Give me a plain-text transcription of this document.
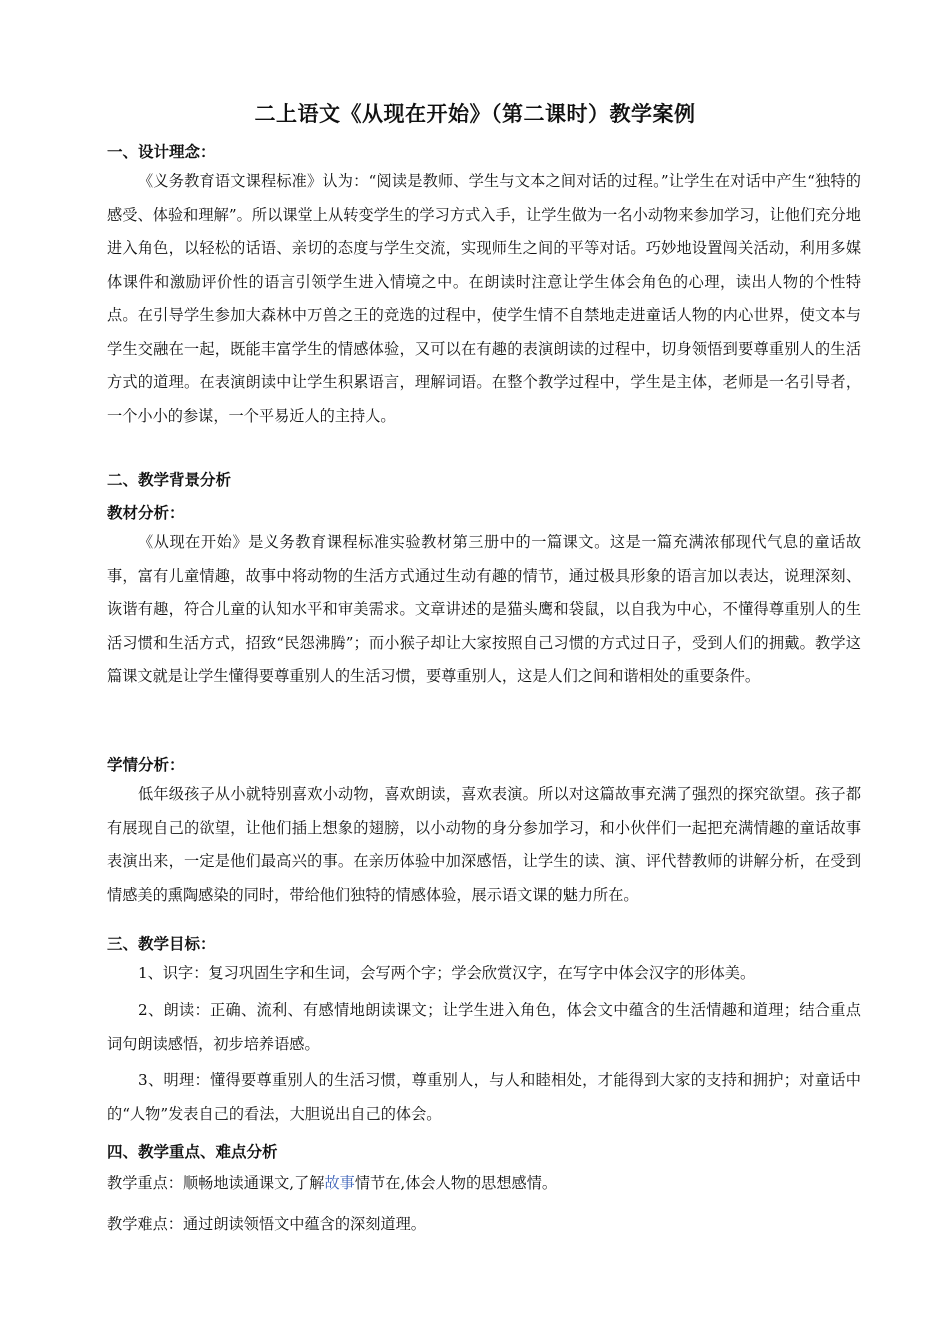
二上语文《从现在开始》（第二课时）教学案例
一、设计理念：
《义务教育语文课程标准》认为：“阅读是教师、学生与文本之间对话的过程。”让学生在对话中产生“独特的感受、体验和理解”。所以课堂上从转变学生的学习方式入手，让学生做为一名小动物来参加学习，让他们充分地进入角色，以轻松的话语、亲切的态度与学生交流，实现师生之间的平等对话。巧妙地设置闯关活动，利用多媒体课件和激励评价性的语言引领学生进入情境之中。在朗读时注意让学生体会角色的心理，读出人物的个性特点。在引导学生参加大森林中万兽之王的竞选的过程中，使学生情不自禁地走进童话人物的内心世界，使文本与学生交融在一起，既能丰富学生的情感体验，又可以在有趣的表演朗读的过程中，切身领悟到要尊重别人的生活方式的道理。在表演朗读中让学生积累语言，理解词语。在整个教学过程中，学生是主体，老师是一名引导者，一个小小的参谋，一个平易近人的主持人。
二、教学背景分析
教材分析：
《从现在开始》是义务教育课程标准实验教材第三册中的一篇课文。这是一篇充满浓郁现代气息的童话故事，富有儿童情趣，故事中将动物的生活方式通过生动有趣的情节，通过极具形象的语言加以表达，说理深刻、诙谐有趣，符合儿童的认知水平和审美需求。文章讲述的是猫头鹰和袋鼠，以自我为中心，不懂得尊重别人的生活习惯和生活方式，招致“民怨沸腾”；而小猴子却让大家按照自己习惯的方式过日子，受到人们的拥戴。教学这篇课文就是让学生懂得要尊重别人的生活习惯，要尊重别人，这是人们之间和谐相处的重要条件。
学情分析：
低年级孩子从小就特别喜欢小动物，喜欢朗读，喜欢表演。所以对这篇故事充满了强烈的探究欲望。孩子都有展现自己的欲望，让他们插上想象的翅膀，以小动物的身分参加学习，和小伙伴们一起把充满情趣的童话故事表演出来，一定是他们最高兴的事。在亲历体验中加深感悟，让学生的读、演、评代替教师的讲解分析，在受到情感美的熏陶感染的同时，带给他们独特的情感体验，展示语文课的魅力所在。
三、教学目标：
1、识字：复习巩固生字和生词，会写两个字；学会欣赏汉字，在写字中体会汉字的形体美。
2、朗读：正确、流利、有感情地朗读课文；让学生进入角色，体会文中蕴含的生活情趣和道理；结合重点词句朗读感悟，初步培养语感。
3、明理：懂得要尊重别人的生活习惯，尊重别人，与人和睦相处，才能得到大家的支持和拥护；对童话中的“人物”发表自己的看法，大胆说出自己的体会。
四、教学重点、难点分析
教学重点：顺畅地读通课文,了解故事情节在,体会人物的思想感情。
教学难点：通过朗读领悟文中蕴含的深刻道理。
